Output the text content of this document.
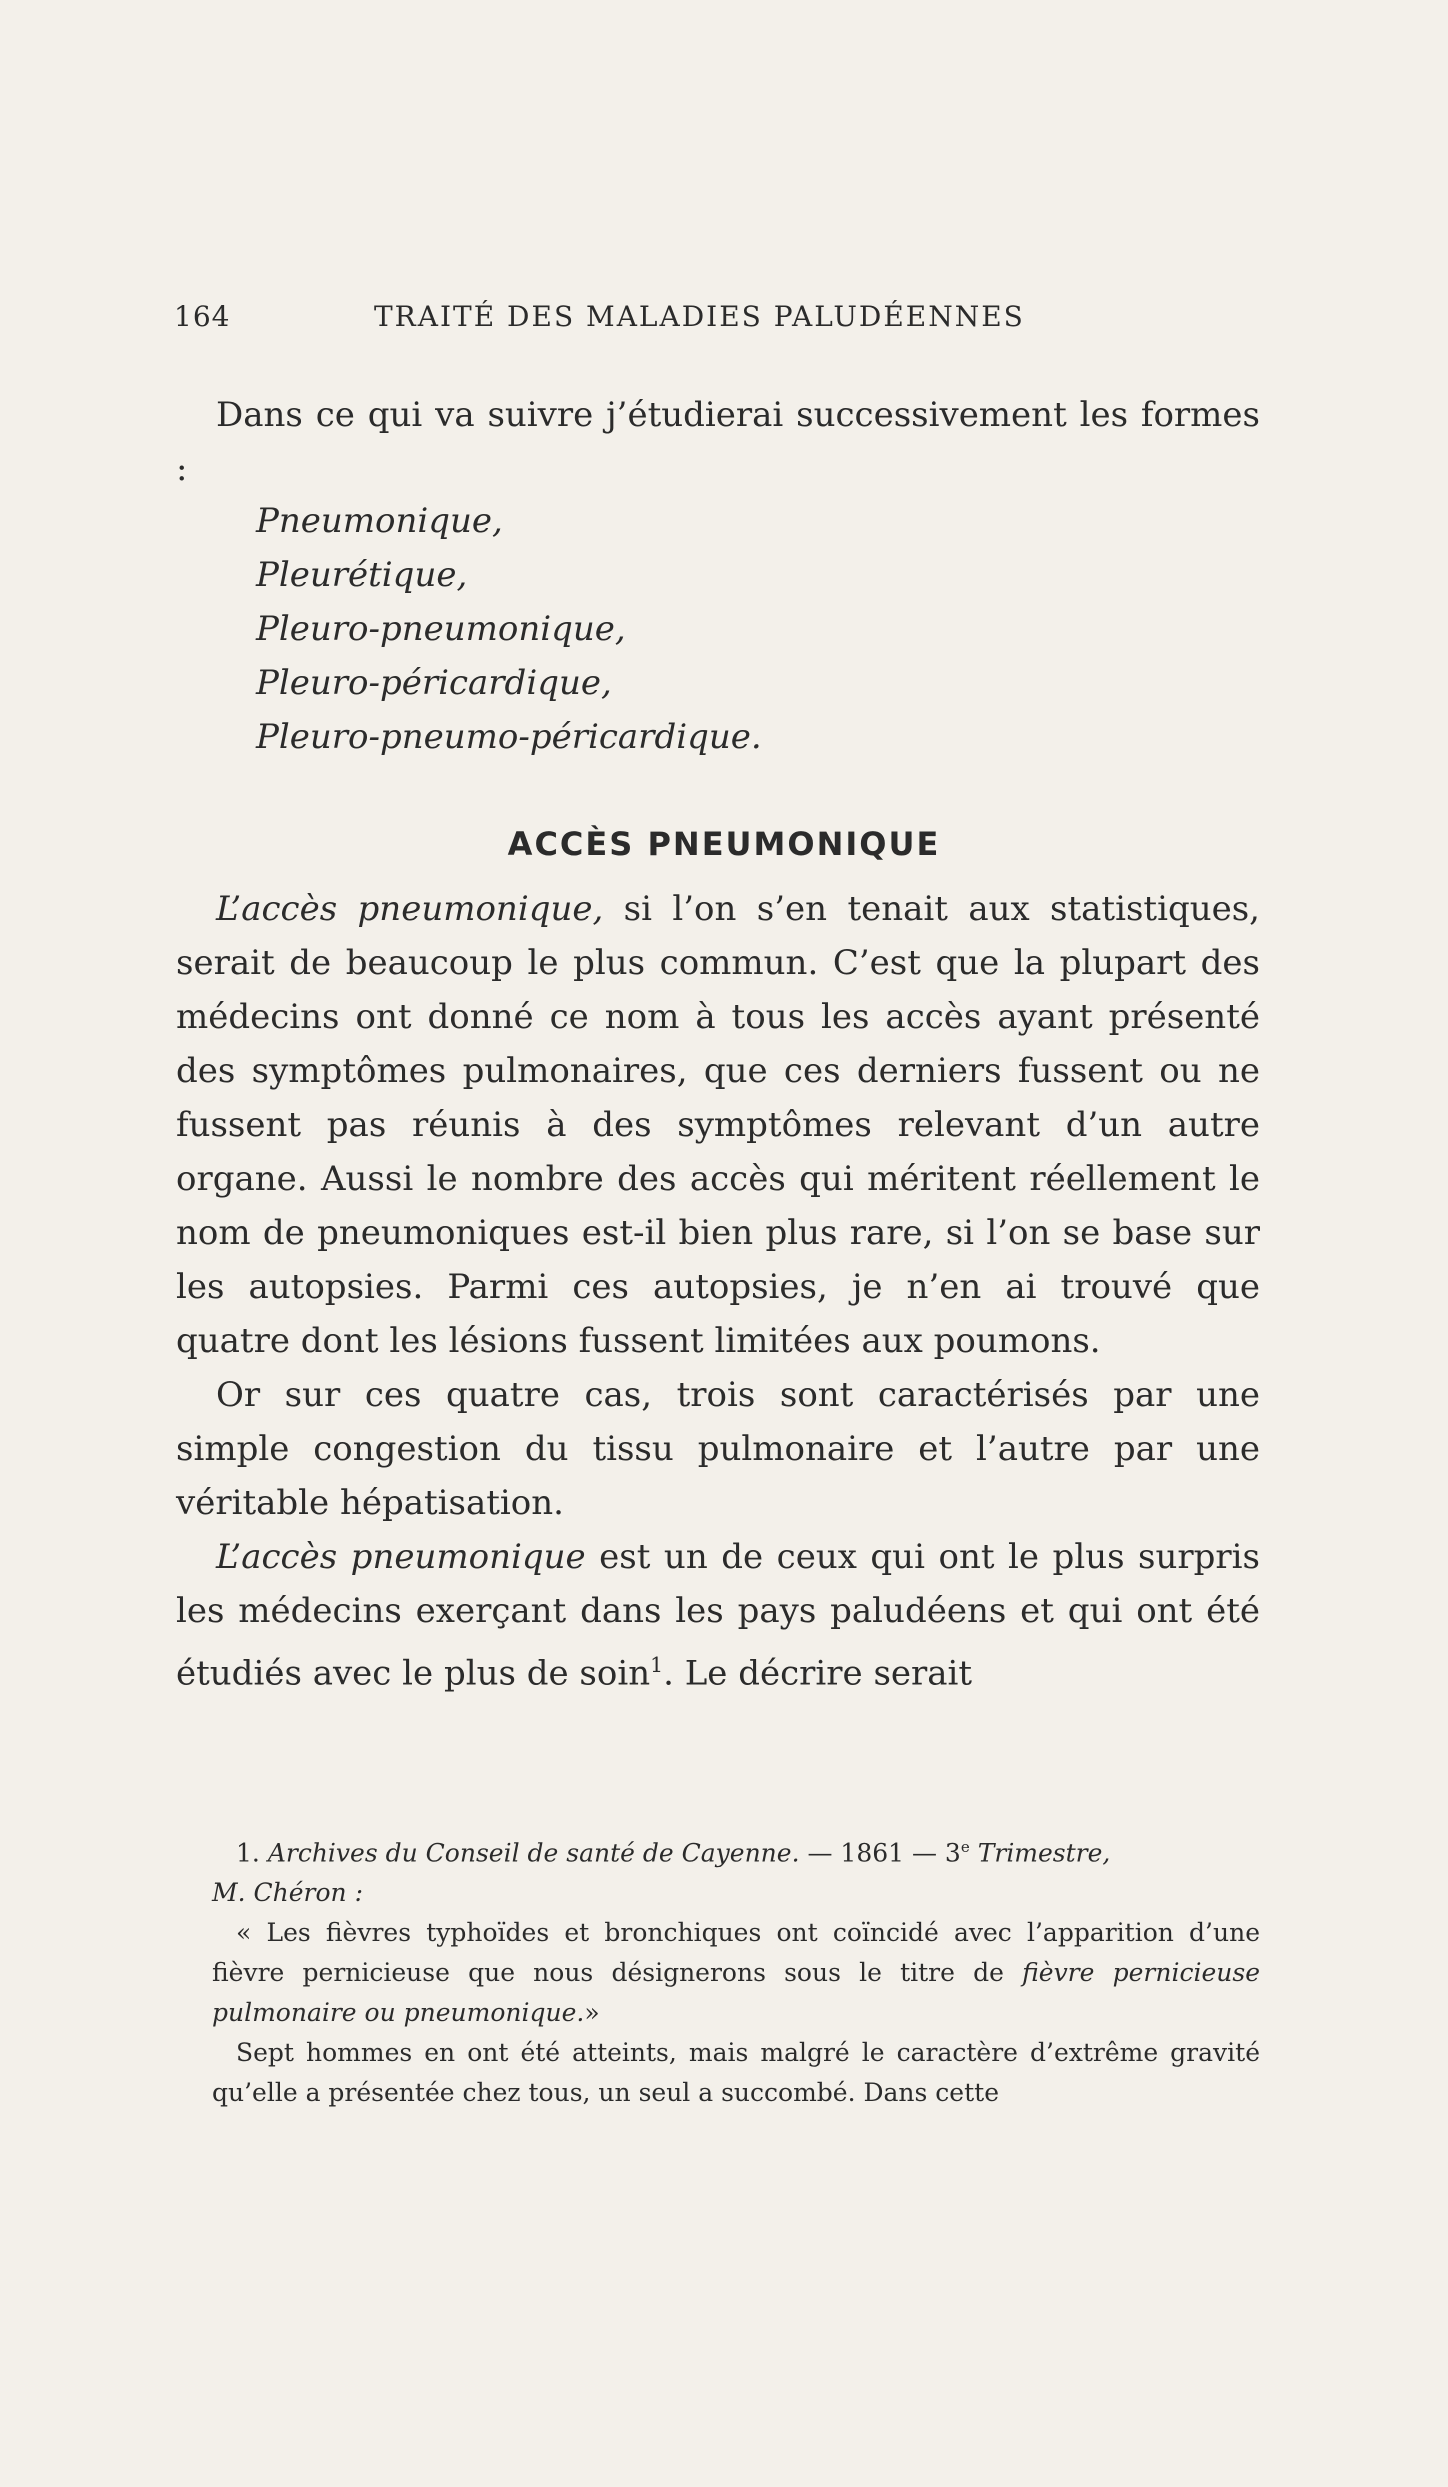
164	TRAITÉ DES MALADIES PALUDÉENNES

Dans ce qui va suivre j’étudierai successivement les formes :

Pneumonique,
Pleurétique,
Pleuro-pneumonique,
Pleuro-péricardique,
Pleuro-pneumo-péricardique.
ACCÈS PNEUMONIQUE

L’accès pneumonique, si l’on s’en tenait aux statistiques, serait de beaucoup le plus commun. C’est que la plupart des médecins ont donné ce nom à tous les accès ayant présenté des symptômes pulmonaires, que ces derniers fussent ou ne fussent pas réunis à des symptômes relevant d’un autre organe. Aussi le nombre des accès qui méritent réellement le nom de pneumoniques est-il bien plus rare, si l’on se base sur les autopsies. Parmi ces autopsies, je n’en ai trouvé que quatre dont les lésions fussent limitées aux poumons.

Or sur ces quatre cas, trois sont caractérisés par une simple congestion du tissu pulmonaire et l’autre par une véritable hépatisation.

L’accès pneumonique est un de ceux qui ont le plus surpris les médecins exerçant dans les pays paludéens et qui ont été étudiés avec le plus de soin$^1$. Le décrire serait

1. Archives du Conseil de santé de Cayenne. — 1861 — 3e Trimestre,

M. Chéron :

« Les fièvres typhoïdes et bronchiques ont coïncidé avec l’apparition d’une fièvre pernicieuse que nous désignerons sous le titre de fièvre pernicieuse pulmonaire ou pneumonique.»

Sept hommes en ont été atteints, mais malgré le caractère d’extrême gravité qu’elle a présentée chez tous, un seul a succombé. Dans cette
